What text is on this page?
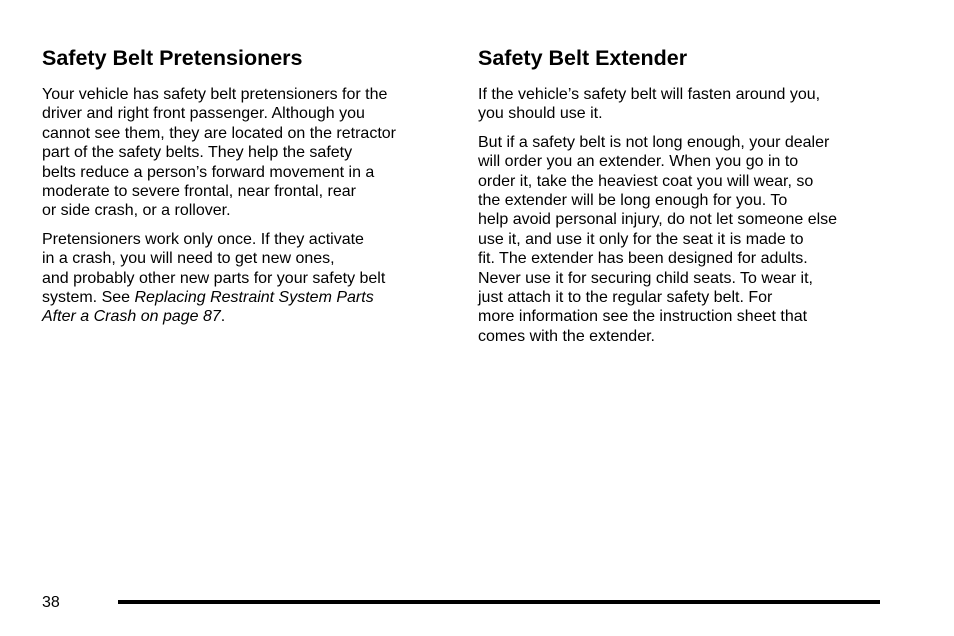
Safety Belt Pretensioners

Your vehicle has safety belt pretensioners for the
driver and right front passenger. Although you
cannot see them, they are located on the retractor
part of the safety belts. They help the safety
belts reduce a person’s forward movement in a
moderate to severe frontal, near frontal, rear
or side crash, or a rollover.

Pretensioners work only once. If they activate
in a crash, you will need to get new ones,
and probably other new parts for your safety belt
system. See Replacing Restraint System Parts
After a Crash on page 87.

Safety Belt Extender

If the vehicle’s safety belt will fasten around you,
you should use it.

But if a safety belt is not long enough, your dealer
will order you an extender. When you go in to
order it, take the heaviest coat you will wear, so
the extender will be long enough for you. To
help avoid personal injury, do not let someone else
use it, and use it only for the seat it is made to
fit. The extender has been designed for adults.
Never use it for securing child seats. To wear it,
just attach it to the regular safety belt. For
more information see the instruction sheet that
comes with the extender.

38
